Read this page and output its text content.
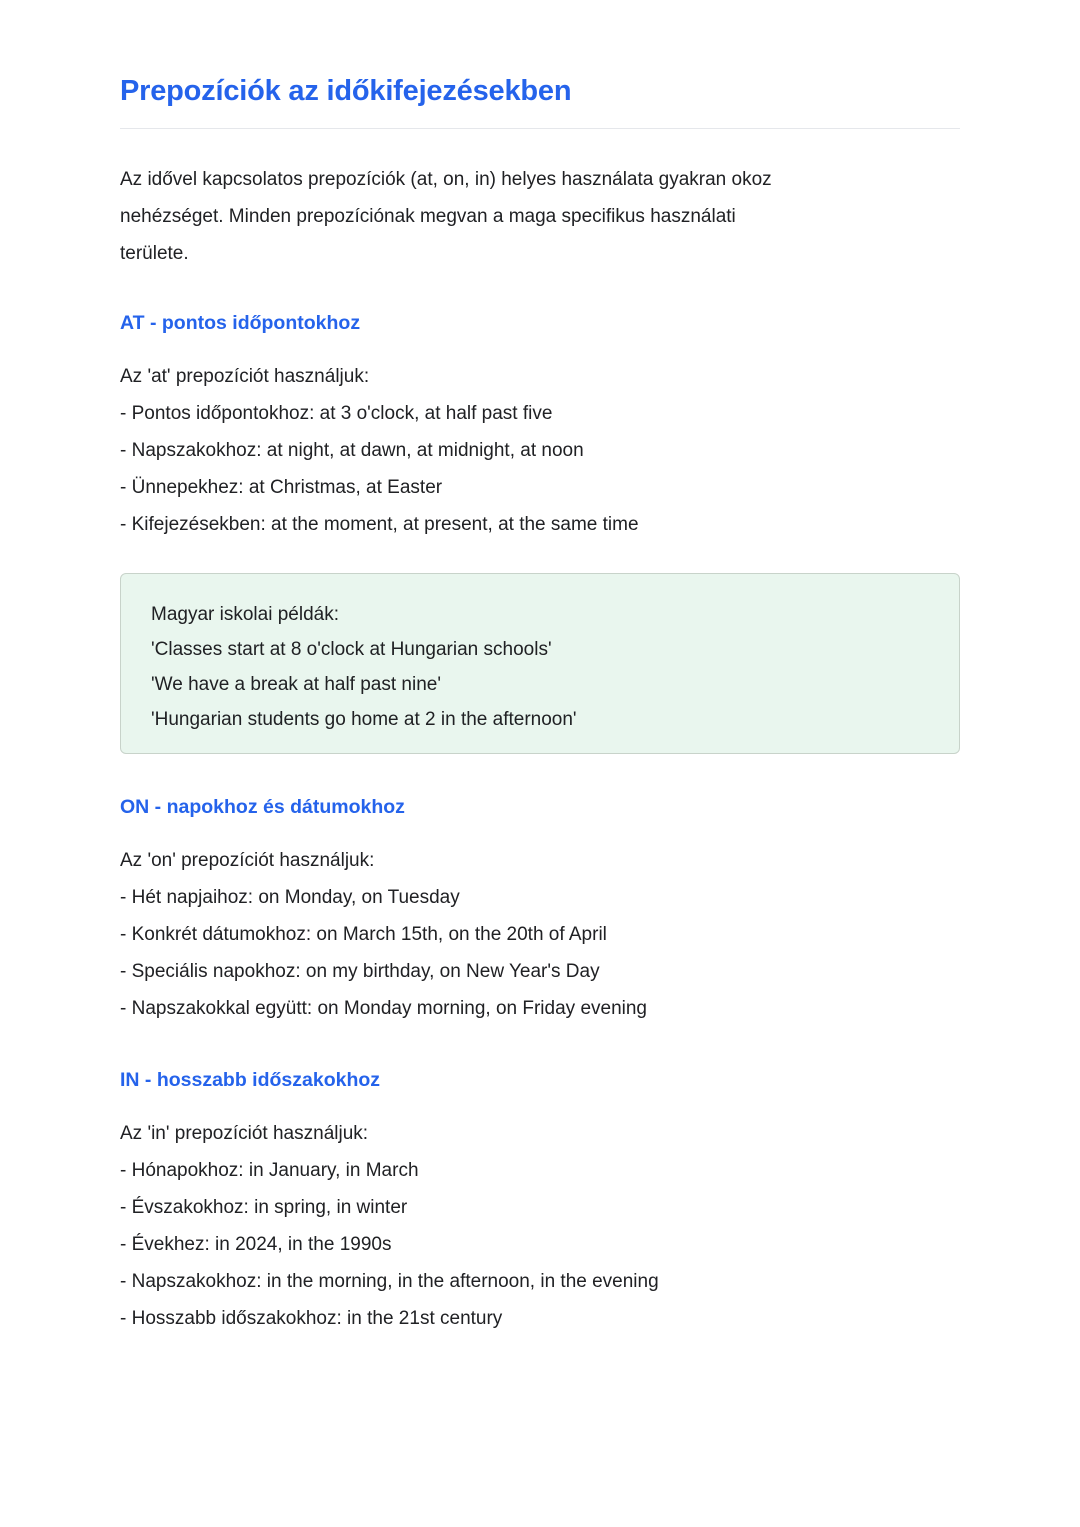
Prepozíciók az időkifejezésekben
Az idővel kapcsolatos prepozíciók (at, on, in) helyes használata gyakran okoz
nehézséget. Minden prepozíciónak megvan a maga specifikus használati
területe.
AT - pontos időpontokhoz
Az 'at' prepozíciót használjuk:
- Pontos időpontokhoz: at 3 o'clock, at half past five
- Napszakokhoz: at night, at dawn, at midnight, at noon
- Ünnepekhez: at Christmas, at Easter
- Kifejezésekben: at the moment, at present, at the same time
Magyar iskolai példák:
'Classes start at 8 o'clock at Hungarian schools'
'We have a break at half past nine'
'Hungarian students go home at 2 in the afternoon'
ON - napokhoz és dátumokhoz
Az 'on' prepozíciót használjuk:
- Hét napjaihoz: on Monday, on Tuesday
- Konkrét dátumokhoz: on March 15th, on the 20th of April
- Speciális napokhoz: on my birthday, on New Year's Day
- Napszakokkal együtt: on Monday morning, on Friday evening
IN - hosszabb időszakokhoz
Az 'in' prepozíciót használjuk:
- Hónapokhoz: in January, in March
- Évszakokhoz: in spring, in winter
- Évekhez: in 2024, in the 1990s
- Napszakokhoz: in the morning, in the afternoon, in the evening
- Hosszabb időszakokhoz: in the 21st century
